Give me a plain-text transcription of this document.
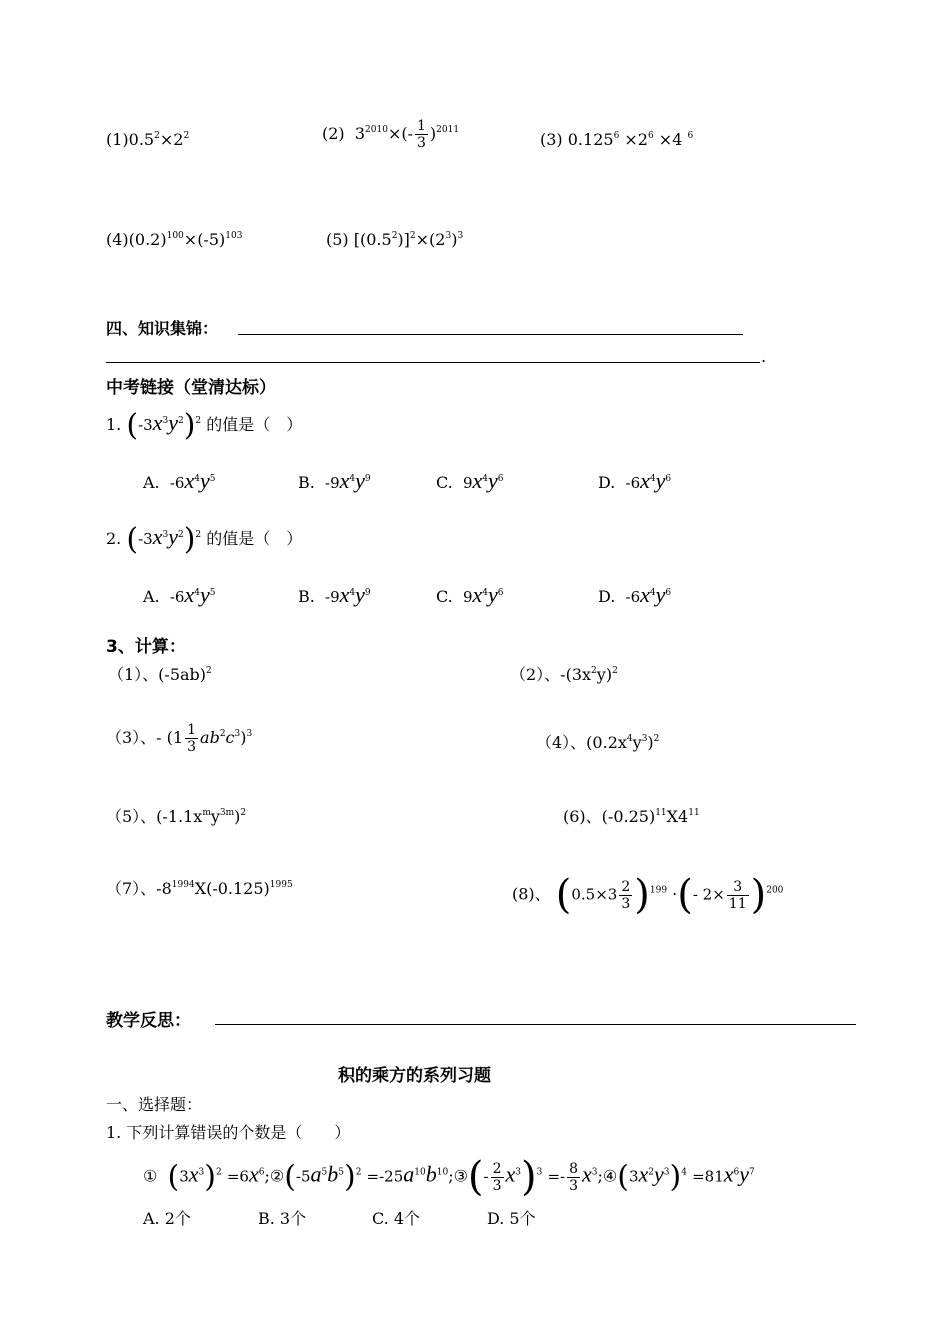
$(1)0.5^2\times 2^2$	(2)  $3^{2010}\times(- \frac{1}{3} )^{2011}$	(3) $0.125^6 \times 2^6 \times 4$ $^6$
$(4)(0.2)^{100}\times(-5)^{103}$	(5) $[(0.5^2)]^2\times(2^3)^3$
四、知识集锦：
.
中考链接（堂清达标）
1. $(-3x^3y^2)^2$ 的值是（　）
A. $-6x^4y^5$	B. $-9x^4y^9$	C. $9x^4y^6$	D. $-6x^4y^6$
2. $(-3x^3y^2)^2$ 的值是（　）
A. $-6x^4y^5$	B. $-9x^4y^9$	C. $9x^4y^6$	D. $-6x^4y^6$
3、计算：
（1）、$(-5ab)^2$	（2）、$-(3x^2y)^2$
（3）、- $(1 \frac{1}{3} ab^2c^3)^3$	（4）、$(0.2x^4y^3)^2$
（5）、$(-1.1x^my^{3m})^2$	(6)、$(-0.25)^{11}X4^{11}$
（7）、$-8^{1994}X(-0.125)^{1995}$	(8)、 $(0.5\times 3 \frac{2}{3} )^{199}$ ·(- $2\times \frac{3}{11} )^{200}$
教学反思：
积的乘方的系列习题
一、选择题：
1. 下列计算错误的个数是（　　）
①  $(3x^3)^2$ $=6x^6;②(-5a^5b^5)^2$ $=-25a^{10}b^{10};③(- \frac{2}{3} x^3)^3 =- \frac{8}{3}$ $x^3;④(3x^2y^3)^4 =81x^6y^7$
A. 2个	B. 3个	C. 4个	D. 5个
